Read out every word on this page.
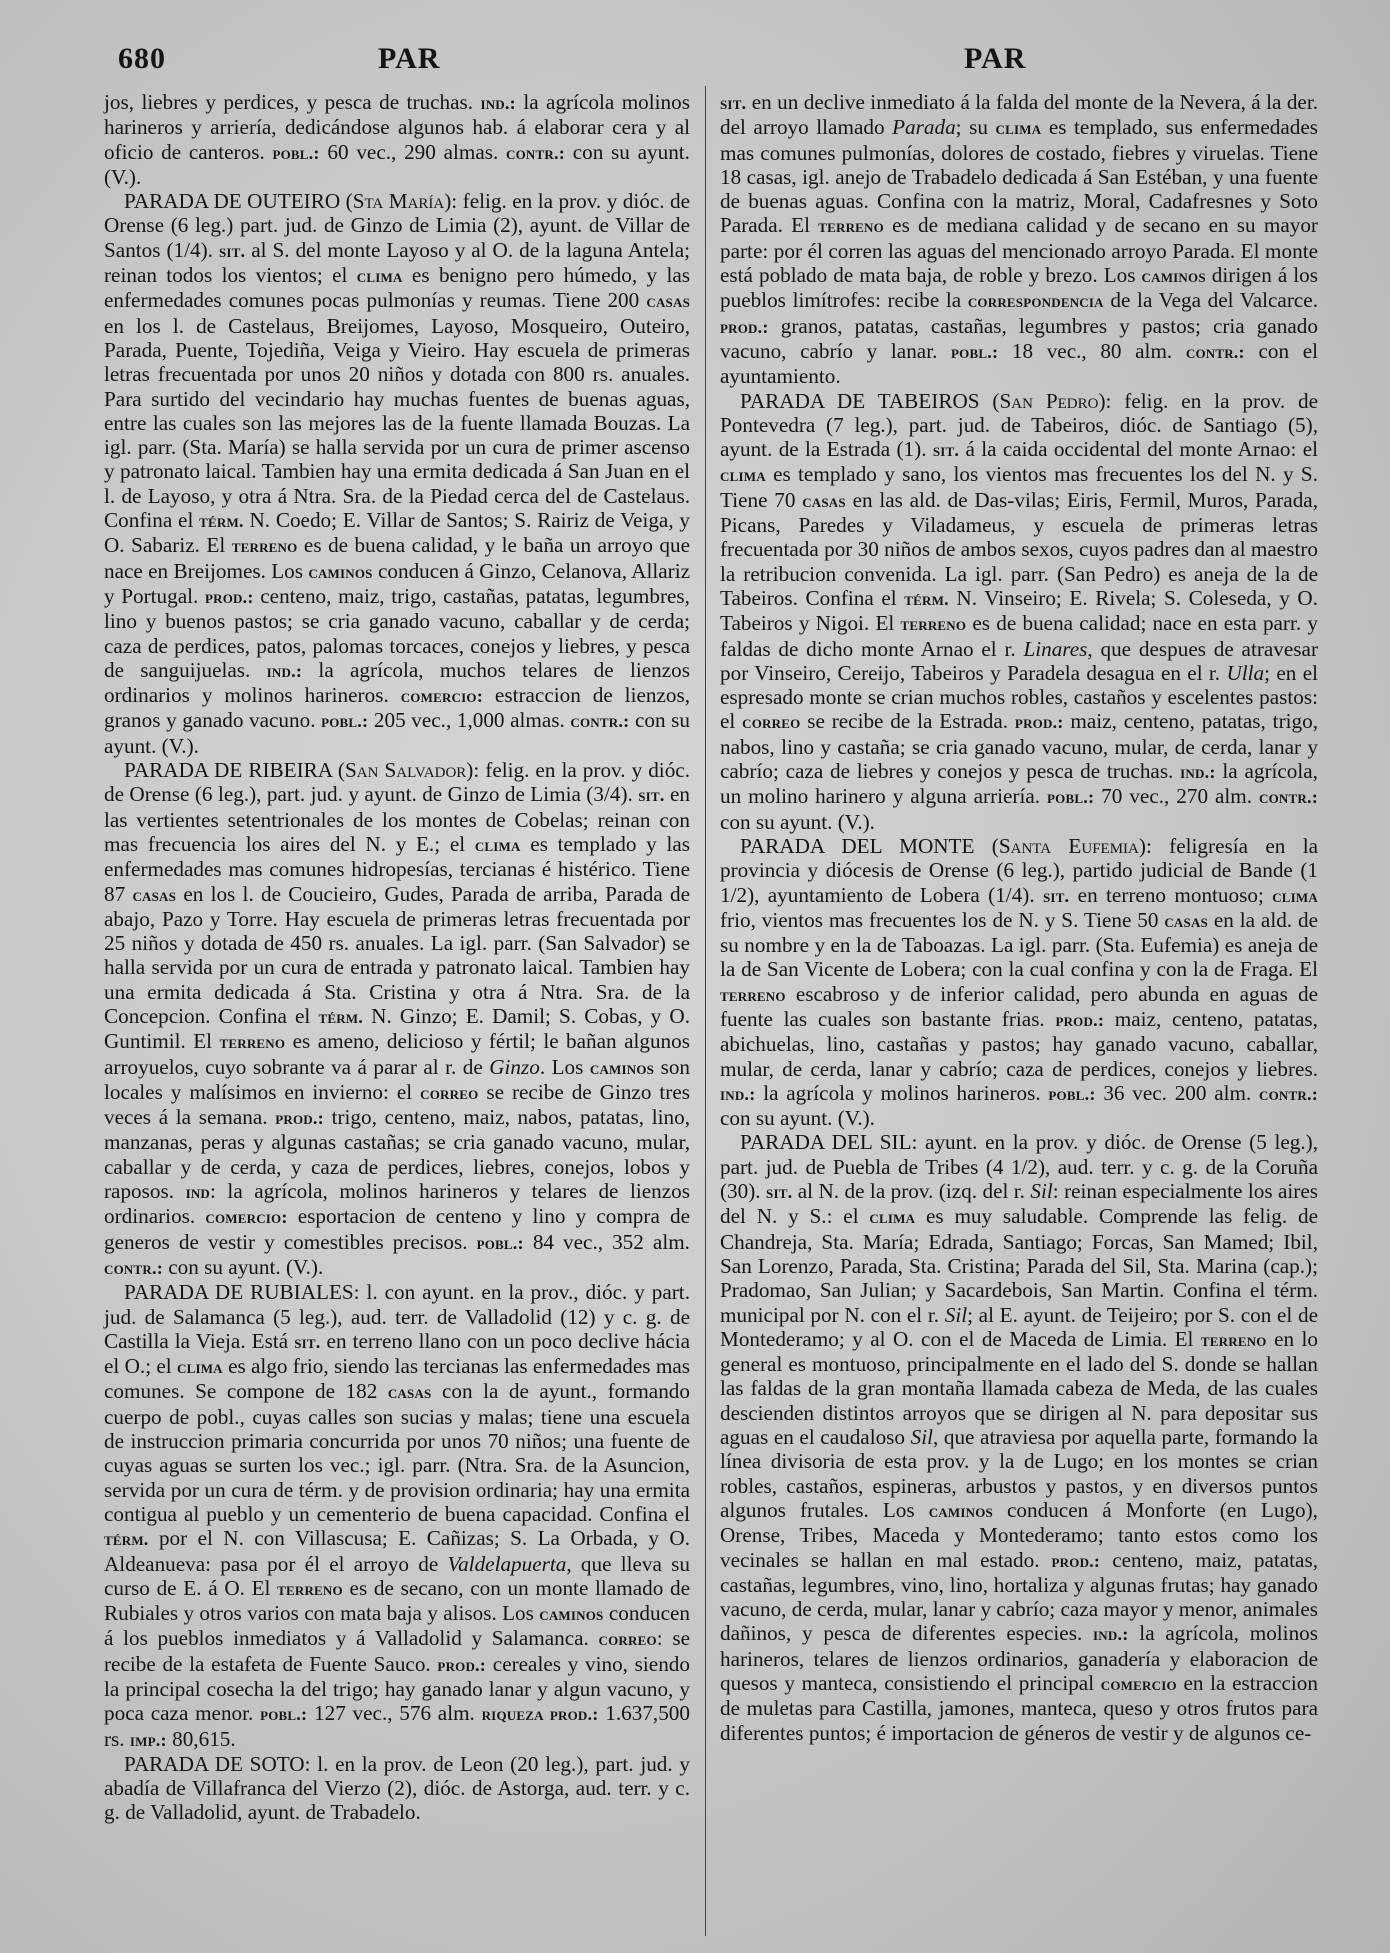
680	PAR	PAR

jos, liebres y perdices, y pesca de truchas. ind.: la agrícola molinos harineros y arriería, dedicándose algunos hab. á elaborar cera y al oficio de canteros. pobl.: 60 vec., 290 almas. contr.: con su ayunt. (V.).

PARADA DE OUTEIRO (Sta María): felig. en la prov. y dióc. de Orense (6 leg.) part. jud. de Ginzo de Limia (2), ayunt. de Villar de Santos (1/4). sit. al S. del monte Layoso y al O. de la laguna Antela; reinan todos los vientos; el clima es benigno pero húmedo, y las enfermedades comunes pocas pulmonías y reumas. Tiene 200 casas en los l. de Castelaus, Breijomes, Layoso, Mosqueiro, Outeiro, Parada, Puente, Tojediña, Veiga y Vieiro. Hay escuela de primeras letras frecuentada por unos 20 niños y dotada con 800 rs. anuales. Para surtido del vecindario hay muchas fuentes de buenas aguas, entre las cuales son las mejores las de la fuente llamada Bouzas. La igl. parr. (Sta. María) se halla servida por un cura de primer ascenso y patronato laical. Tambien hay una ermita dedicada á San Juan en el l. de Layoso, y otra á Ntra. Sra. de la Piedad cerca del de Castelaus. Confina el térm. N. Coedo; E. Villar de Santos; S. Rairiz de Veiga, y O. Sabariz. El terreno es de buena calidad, y le baña un arroyo que nace en Breijomes. Los caminos conducen á Ginzo, Celanova, Allariz y Portugal. prod.: centeno, maiz, trigo, castañas, patatas, legumbres, lino y buenos pastos; se cria ganado vacuno, caballar y de cerda; caza de perdices, patos, palomas torcaces, conejos y liebres, y pesca de sanguijuelas. ind.: la agrícola, muchos telares de lienzos ordinarios y molinos harineros. comercio: estraccion de lienzos, granos y ganado vacuno. pobl.: 205 vec., 1,000 almas. contr.: con su ayunt. (V.).

PARADA DE RIBEIRA (San Salvador): felig. en la prov. y dióc. de Orense (6 leg.), part. jud. y ayunt. de Ginzo de Limia (3/4). sit. en las vertientes setentrionales de los montes de Cobelas; reinan con mas frecuencia los aires del N. y E.; el clima es templado y las enfermedades mas comunes hidropesías, tercianas é histérico. Tiene 87 casas en los l. de Coucieiro, Gudes, Parada de arriba, Parada de abajo, Pazo y Torre. Hay escuela de primeras letras frecuentada por 25 niños y dotada de 450 rs. anuales. La igl. parr. (San Salvador) se halla servida por un cura de entrada y patronato laical. Tambien hay una ermita dedicada á Sta. Cristina y otra á Ntra. Sra. de la Concepcion. Confina el térm. N. Ginzo; E. Damil; S. Cobas, y O. Guntimil. El terreno es ameno, delicioso y fértil; le bañan algunos arroyuelos, cuyo sobrante va á parar al r. de Ginzo. Los caminos son locales y malísimos en invierno: el correo se recibe de Ginzo tres veces á la semana. prod.: trigo, centeno, maiz, nabos, patatas, lino, manzanas, peras y algunas castañas; se cria ganado vacuno, mular, caballar y de cerda, y caza de perdices, liebres, conejos, lobos y raposos. ind: la agrícola, molinos harineros y telares de lienzos ordinarios. comercio: esportacion de centeno y lino y compra de generos de vestir y comestibles precisos. pobl.: 84 vec., 352 alm. contr.: con su ayunt. (V.).

PARADA DE RUBIALES: l. con ayunt. en la prov., dióc. y part. jud. de Salamanca (5 leg.), aud. terr. de Valladolid (12) y c. g. de Castilla la Vieja. Está sit. en terreno llano con un poco declive hácia el O.; el clima es algo frio, siendo las tercianas las enfermedades mas comunes. Se compone de 182 casas con la de ayunt., formando cuerpo de pobl., cuyas calles son sucias y malas; tiene una escuela de instruccion primaria concurrida por unos 70 niños; una fuente de cuyas aguas se surten los vec.; igl. parr. (Ntra. Sra. de la Asuncion, servida por un cura de térm. y de provision ordinaria; hay una ermita contigua al pueblo y un cementerio de buena capacidad. Confina el térm. por el N. con Villascusa; E. Cañizas; S. La Orbada, y O. Aldeanueva: pasa por él el arroyo de Valdelapuerta, que lleva su curso de E. á O. El terreno es de secano, con un monte llamado de Rubiales y otros varios con mata baja y alisos. Los caminos conducen á los pueblos inmediatos y á Valladolid y Salamanca. correo: se recibe de la estafeta de Fuente Sauco. prod.: cereales y vino, siendo la principal cosecha la del trigo; hay ganado lanar y algun vacuno, y poca caza menor. pobl.: 127 vec., 576 alm. riqueza prod.: 1.637,500 rs. imp.: 80,615.

PARADA DE SOTO: l. en la prov. de Leon (20 leg.), part. jud. y abadía de Villafranca del Vierzo (2), dióc. de Astorga, aud. terr. y c. g. de Valladolid, ayunt. de Trabadelo.

sit. en un declive inmediato á la falda del monte de la Nevera, á la der. del arroyo llamado Parada; su clima es templado, sus enfermedades mas comunes pulmonías, dolores de costado, fiebres y viruelas. Tiene 18 casas, igl. anejo de Trabadelo dedicada á San Estéban, y una fuente de buenas aguas. Confina con la matriz, Moral, Cadafresnes y Soto Parada. El terreno es de mediana calidad y de secano en su mayor parte: por él corren las aguas del mencionado arroyo Parada. El monte está poblado de mata baja, de roble y brezo. Los caminos dirigen á los pueblos limítrofes: recibe la correspondencia de la Vega del Valcarce. prod.: granos, patatas, castañas, legumbres y pastos; cria ganado vacuno, cabrío y lanar. pobl.: 18 vec., 80 alm. contr.: con el ayuntamiento.

PARADA DE TABEIROS (San Pedro): felig. en la prov. de Pontevedra (7 leg.), part. jud. de Tabeiros, dióc. de Santiago (5), ayunt. de la Estrada (1). sit. á la caida occidental del monte Arnao: el clima es templado y sano, los vientos mas frecuentes los del N. y S. Tiene 70 casas en las ald. de Das-vilas; Eiris, Fermil, Muros, Parada, Picans, Paredes y Viladameus, y escuela de primeras letras frecuentada por 30 niños de ambos sexos, cuyos padres dan al maestro la retribucion convenida. La igl. parr. (San Pedro) es aneja de la de Tabeiros. Confina el térm. N. Vinseiro; E. Rivela; S. Coleseda, y O. Tabeiros y Nigoi. El terreno es de buena calidad; nace en esta parr. y faldas de dicho monte Arnao el r. Linares, que despues de atravesar por Vinseiro, Cereijo, Tabeiros y Paradela desagua en el r. Ulla; en el espresado monte se crian muchos robles, castaños y escelentes pastos: el correo se recibe de la Estrada. prod.: maiz, centeno, patatas, trigo, nabos, lino y castaña; se cria ganado vacuno, mular, de cerda, lanar y cabrío; caza de liebres y conejos y pesca de truchas. ind.: la agrícola, un molino harinero y alguna arriería. pobl.: 70 vec., 270 alm. contr.: con su ayunt. (V.).

PARADA DEL MONTE (Santa Eufemia): feligresía en la provincia y diócesis de Orense (6 leg.), partido judicial de Bande (1 1/2), ayuntamiento de Lobera (1/4). sit. en terreno montuoso; clima frio, vientos mas frecuentes los de N. y S. Tiene 50 casas en la ald. de su nombre y en la de Taboazas. La igl. parr. (Sta. Eufemia) es aneja de la de San Vicente de Lobera; con la cual confina y con la de Fraga. El terreno escabroso y de inferior calidad, pero abunda en aguas de fuente las cuales son bastante frias. prod.: maiz, centeno, patatas, abichuelas, lino, castañas y pastos; hay ganado vacuno, caballar, mular, de cerda, lanar y cabrío; caza de perdices, conejos y liebres. ind.: la agrícola y molinos harineros. pobl.: 36 vec. 200 alm. contr.: con su ayunt. (V.).

PARADA DEL SIL: ayunt. en la prov. y dióc. de Orense (5 leg.), part. jud. de Puebla de Tribes (4 1/2), aud. terr. y c. g. de la Coruña (30). sit. al N. de la prov. (izq. del r. Sil: reinan especialmente los aires del N. y S.: el clima es muy saludable. Comprende las felig. de Chandreja, Sta. María; Edrada, Santiago; Forcas, San Mamed; Ibil, San Lorenzo, Parada, Sta. Cristina; Parada del Sil, Sta. Marina (cap.); Pradomao, San Julian; y Sacardebois, San Martin. Confina el térm. municipal por N. con el r. Sil; al E. ayunt. de Teijeiro; por S. con el de Montederamo; y al O. con el de Maceda de Limia. El terreno en lo general es montuoso, principalmente en el lado del S. donde se hallan las faldas de la gran montaña llamada cabeza de Meda, de las cuales descienden distintos arroyos que se dirigen al N. para depositar sus aguas en el caudaloso Sil, que atraviesa por aquella parte, formando la línea divisoria de esta prov. y la de Lugo; en los montes se crian robles, castaños, espineras, arbustos y pastos, y en diversos puntos algunos frutales. Los caminos conducen á Monforte (en Lugo), Orense, Tribes, Maceda y Montederamo; tanto estos como los vecinales se hallan en mal estado. prod.: centeno, maiz, patatas, castañas, legumbres, vino, lino, hortaliza y algunas frutas; hay ganado vacuno, de cerda, mular, lanar y cabrío; caza mayor y menor, animales dañinos, y pesca de diferentes especies. ind.: la agrícola, molinos harineros, telares de lienzos ordinarios, ganadería y elaboracion de quesos y manteca, consistiendo el principal comercio en la estraccion de muletas para Castilla, jamones, manteca, queso y otros frutos para diferentes puntos; é importacion de géneros de vestir y de algunos ce-
